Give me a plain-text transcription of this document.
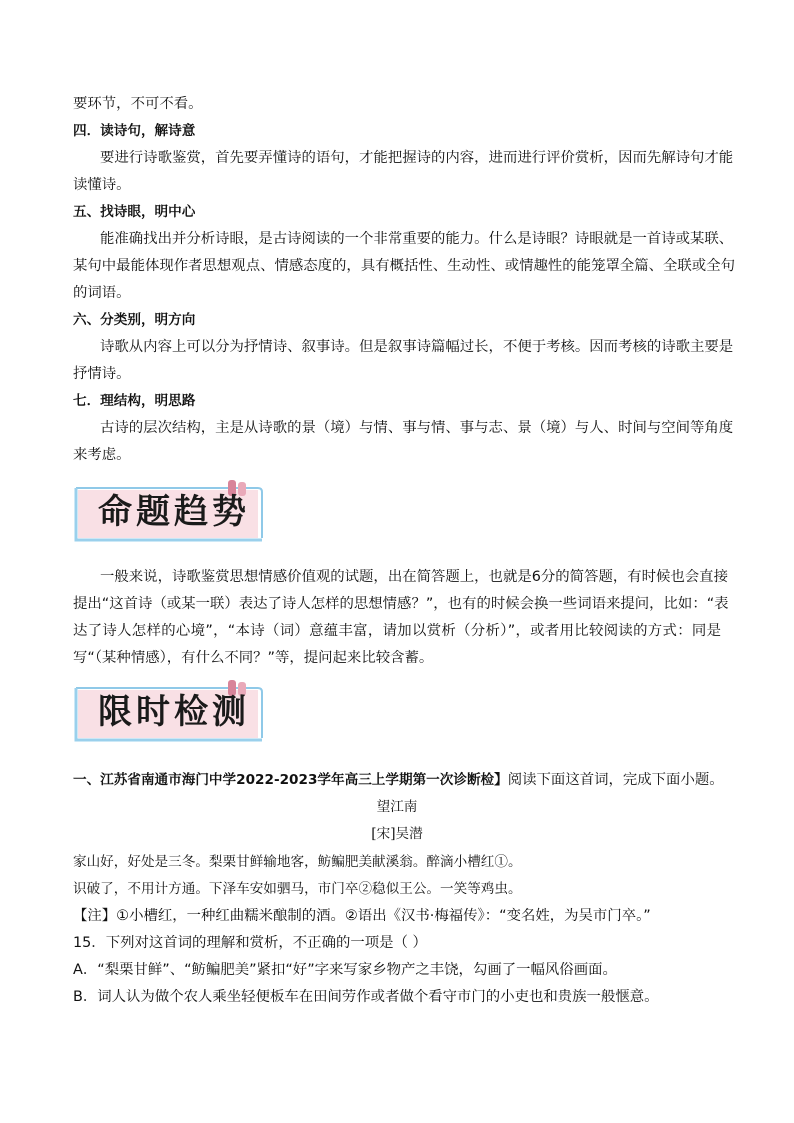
要环节，不可不看。
四．读诗句，解诗意
要进行诗歌鉴赏，首先要弄懂诗的语句，才能把握诗的内容，进而进行评价赏析，因而先解诗句才能
读懂诗。
五、找诗眼，明中心
能准确找出并分析诗眼，是古诗阅读的一个非常重要的能力。什么是诗眼？诗眼就是一首诗或某联、
某句中最能体现作者思想观点、情感态度的，具有概括性、生动性、或情趣性的能笼罩全篇、全联或全句
的词语。
六、分类别，明方向
诗歌从内容上可以分为抒情诗、叙事诗。但是叙事诗篇幅过长，不便于考核。因而考核的诗歌主要是
抒情诗。
七．理结构，明思路
古诗的层次结构，主是从诗歌的景（境）与情、事与情、事与志、景（境）与人、时间与空间等角度
来考虑。
命题趋势
一般来说，诗歌鉴赏思想情感价值观的试题，出在简答题上，也就是6分的简答题，有时候也会直接
提出“这首诗（或某一联）表达了诗人怎样的思想情感？”，也有的时候会换一些词语来提问，比如：“表
达了诗人怎样的心境”，“本诗（词）意蕴丰富，请加以赏析（分析）”，或者用比较阅读的方式：同是
写“（某种情感），有什么不同？”等，提问起来比较含蓄。
限时检测
一、江苏省南通市海门中学2022-2023学年高三上学期第一次诊断检】阅读下面这首词，完成下面小题。
望江南
[宋]吴潜
家山好，好处是三冬。梨栗甘鲜输地客，鲂鳊肥美献溪翁。醉滴小槽红①。
识破了，不用计方通。下泽车安如驷马，市门卒②稳似王公。一笑等鸡虫。
【注】①小槽红，一种红曲糯米酿制的酒。②语出《汉书·梅福传》：“变名姓，为吴市门卒。”
15．下列对这首词的理解和赏析，不正确的一项是（ ）
A．“梨栗甘鲜”、“鲂鳊肥美”紧扣“好”字来写家乡物产之丰饶，勾画了一幅风俗画面。
B．词人认为做个农人乘坐轻便板车在田间劳作或者做个看守市门的小吏也和贵族一般惬意。
